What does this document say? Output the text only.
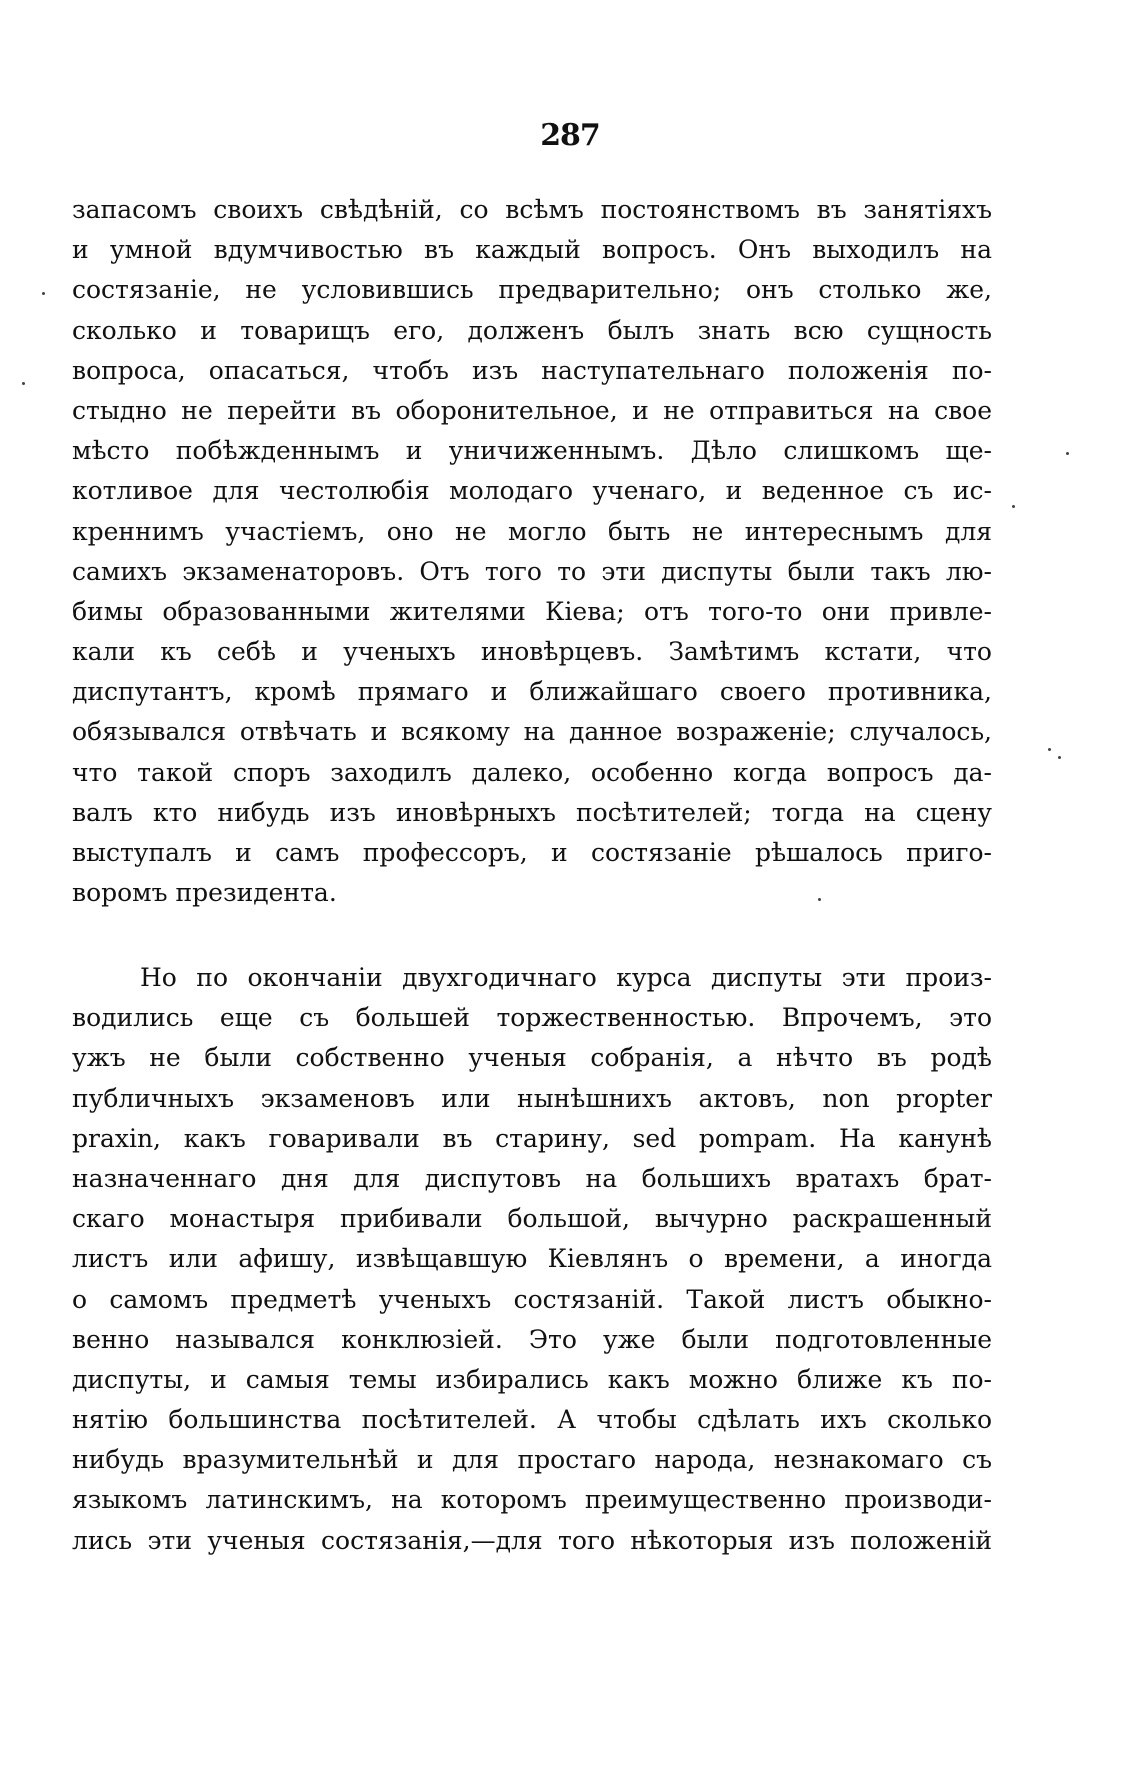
287
запасомъ своихъ свѣдѣній, со всѣмъ постоянствомъ въ занятіяхъ
и умной вдумчивостью въ каждый вопросъ. Онъ выходилъ на
состязаніе, не условившись предварительно; онъ столько же,
сколько и товарищъ его, долженъ былъ знать всю сущность
вопроса, опасаться, чтобъ изъ наступательнаго положенія по-
стыдно не перейти въ оборонительное, и не отправиться на свое
мѣсто побѣжденнымъ и уничиженнымъ. Дѣло слишкомъ ще-
котливое для честолюбія молодаго ученаго, и веденное съ ис-
креннимъ участіемъ, оно не могло быть не интереснымъ для
самихъ экзаменаторовъ. Отъ того то эти диспуты были такъ лю-
бимы образованными жителями Кіева; отъ того-то они привле-
кали къ себѣ и ученыхъ иновѣрцевъ. Замѣтимъ кстати, что
диспутантъ, кромѣ прямаго и ближайшаго своего противника,
обязывался отвѣчать и всякому на данное возраженіе; случалось,
что такой споръ заходилъ далеко, особенно когда вопросъ да-
валъ кто нибудь изъ иновѣрныхъ посѣтителей; тогда на сцену
выступалъ и самъ профессоръ, и состязаніе рѣшалось приго-
воромъ президента.
Но по окончаніи двухгодичнаго курса диспуты эти произ-
водились еще съ большей торжественностью. Впрочемъ, это
ужъ не были собственно ученыя собранія, а нѣчто въ родѣ
публичныхъ экзаменовъ или нынѣшнихъ актовъ, non propter
praxin, какъ говаривали въ старину, sed pompam. На канунѣ
назначеннаго дня для диспутовъ на большихъ вратахъ брат-
скаго монастыря прибивали большой, вычурно раскрашенный
листъ или афишу, извѣщавшую Кіевлянъ о времени, а иногда
о самомъ предметѣ ученыхъ состязаній. Такой листъ обыкно-
венно назывался конклюзіей. Это уже были подготовленные
диспуты, и самыя темы избирались какъ можно ближе къ по-
нятію большинства посѣтителей. А чтобы сдѣлать ихъ сколько
нибудь вразумительнѣй и для простаго народа, незнакомаго съ
языкомъ латинскимъ, на которомъ преимущественно производи-
лись эти ученыя состязанія,—для того нѣкоторыя изъ положеній
